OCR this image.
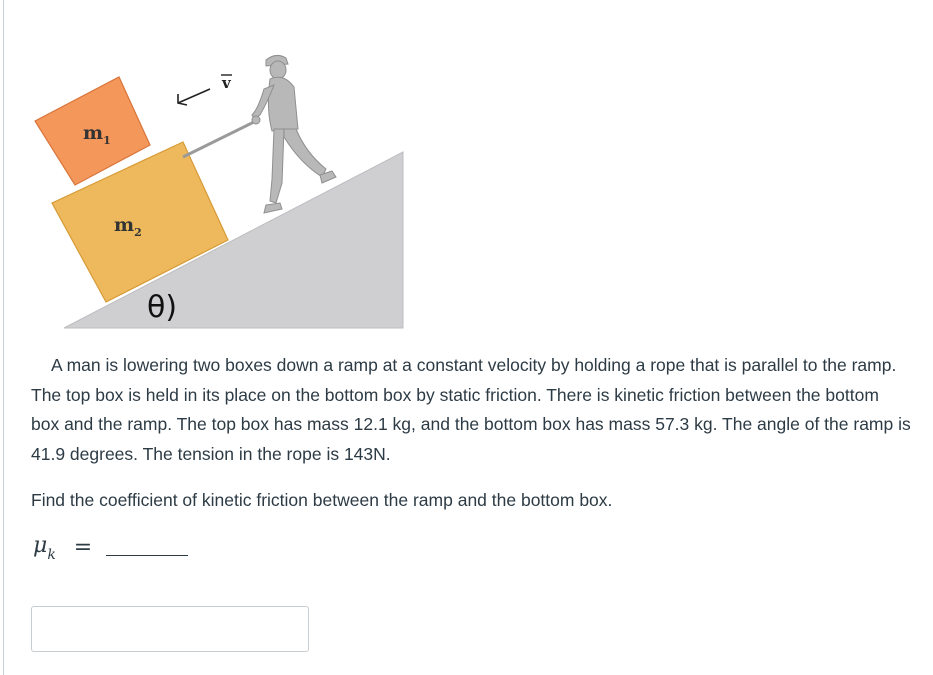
v
$m_1$
$m_2$
θ)

A man is lowering two boxes down a ramp at a constant velocity by holding a rope that is parallel to the ramp. The top box is held in its place on the bottom box by static friction. There is kinetic friction between the bottom box and the ramp. The top box has mass 12.1 kg, and the bottom box has mass 57.3 kg. The angle of the ramp is 41.9 degrees. The tension in the rope is 143N.

Find the coefficient of kinetic friction between the ramp and the bottom box.

$\mu_k$ =
